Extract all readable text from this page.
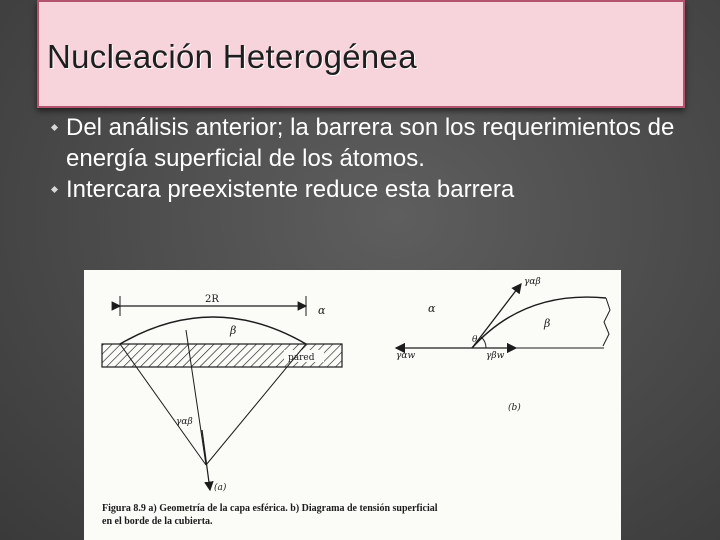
Nucleación Heterogénea
Del análisis anterior; la barrera son los requerimientos de energía superficial de los átomos.
Intercara preexistente reduce esta barrera
2R
α
β
pared
γαβ
(a)
γαβ
α
β
θ
γαw	γβw
(b)
Figura 8.9 a) Geometría de la capa esférica. b) Diagrama de tensión superficial
en el borde de la cubierta.
